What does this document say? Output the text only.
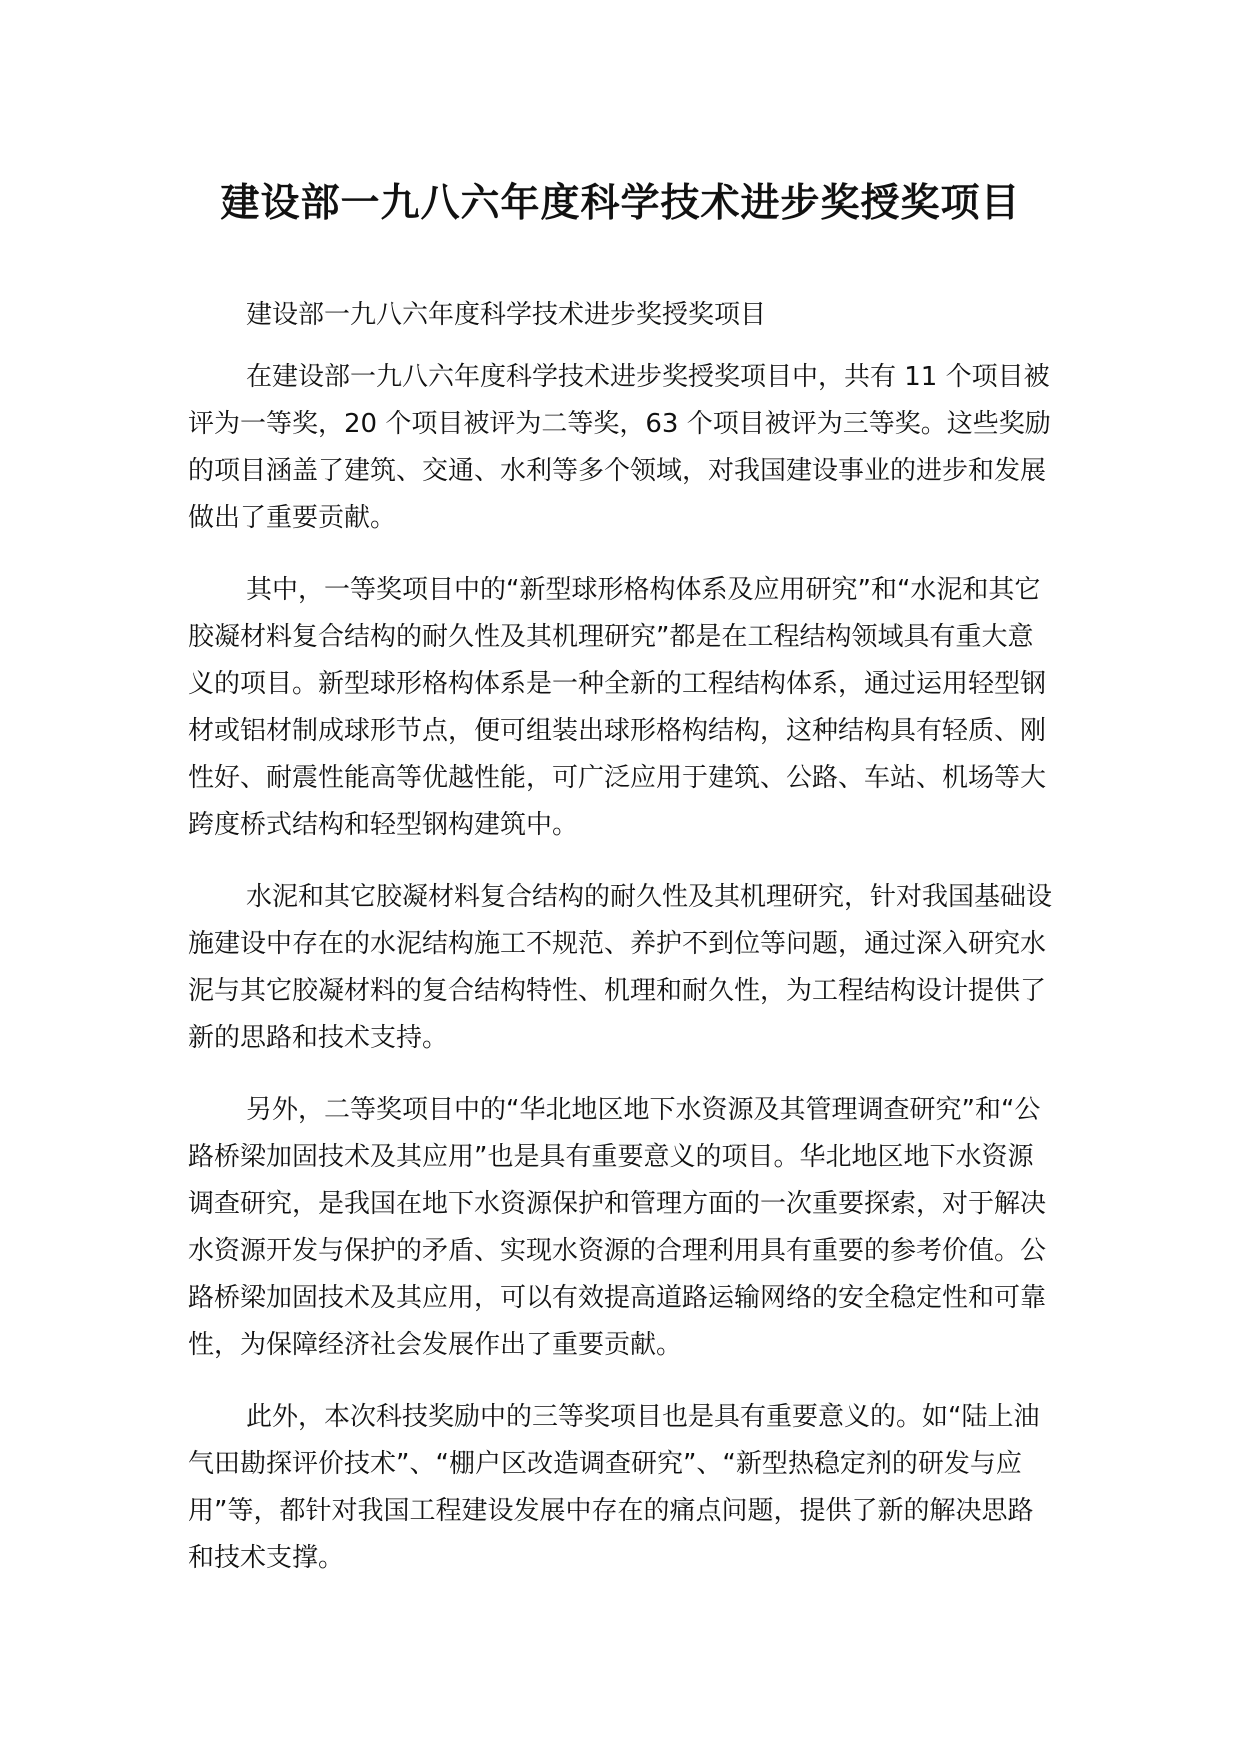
建设部一九八六年度科学技术进步奖授奖项目

建设部一九八六年度科学技术进步奖授奖项目

在建设部一九八六年度科学技术进步奖授奖项目中，共有 11 个项目被评为一等奖，20 个项目被评为二等奖，63 个项目被评为三等奖。这些奖励的项目涵盖了建筑、交通、水利等多个领域，对我国建设事业的进步和发展做出了重要贡献。

其中，一等奖项目中的“新型球形格构体系及应用研究”和“水泥和其它胶凝材料复合结构的耐久性及其机理研究”都是在工程结构领域具有重大意义的项目。新型球形格构体系是一种全新的工程结构体系，通过运用轻型钢材或铝材制成球形节点，便可组装出球形格构结构，这种结构具有轻质、刚性好、耐震性能高等优越性能，可广泛应用于建筑、公路、车站、机场等大跨度桥式结构和轻型钢构建筑中。

水泥和其它胶凝材料复合结构的耐久性及其机理研究，针对我国基础设施建设中存在的水泥结构施工不规范、养护不到位等问题，通过深入研究水泥与其它胶凝材料的复合结构特性、机理和耐久性，为工程结构设计提供了新的思路和技术支持。

另外，二等奖项目中的“华北地区地下水资源及其管理调查研究”和“公路桥梁加固技术及其应用”也是具有重要意义的项目。华北地区地下水资源调查研究，是我国在地下水资源保护和管理方面的一次重要探索，对于解决水资源开发与保护的矛盾、实现水资源的合理利用具有重要的参考价值。公路桥梁加固技术及其应用，可以有效提高道路运输网络的安全稳定性和可靠性，为保障经济社会发展作出了重要贡献。

此外，本次科技奖励中的三等奖项目也是具有重要意义的。如“陆上油气田勘探评价技术”、“棚户区改造调查研究”、“新型热稳定剂的研发与应用”等，都针对我国工程建设发展中存在的痛点问题，提供了新的解决思路和技术支撑。
